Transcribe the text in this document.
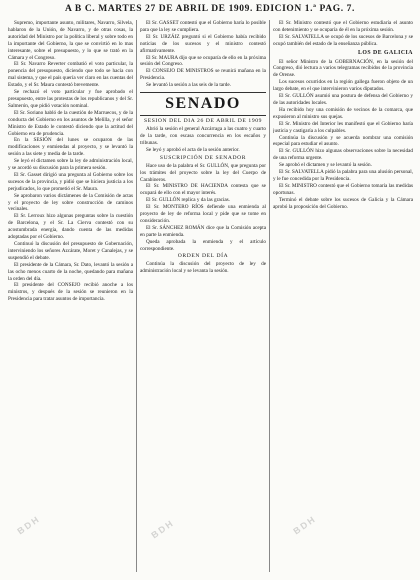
A B C. MARTES 27 DE ABRIL DE 1909. EDICION 1.ª PAG. 7.

Supremo, importante asunto, militares, Navarro, Silvela, hablaron de la Unión, de Navarro, y de otras cosas, la autoridad del Ministro por la política liberal y sobre todo en la importante del Gobierno, la que se convirtió en lo mas interesante, sobre el presupuesto, y lo que se trató en la Cámara y el Congreso.

El Sr. Navarro Reverter combatió el voto particular, la ponencia del presupuesto, diciendo que todo se hacía con mal sistema, y que el país quería ver claro en las cuentas del Estado, y el Sr. Maura contestó brevemente.

Se rechazó el voto particular y fue aprobado el presupuesto, entre las protestas de los republicanos y del Sr. Salmerón, que pidió votación nominal.

El Sr. Soriano habló de la cuestión de Marruecos, y de la conducta del Gobierno en los asuntos de Melilla, y el señor Ministro de Estado le contestó diciendo que la actitud del Gobierno era de prudencia.

En la SESIÓN del lunes se ocuparon de las modificaciones y enmiendas al proyecto, y se levantó la sesión a las siete y media de la tarde.

Se leyó el dictamen sobre la ley de administración local, y se acordó su discusión para la primera sesión.

El Sr. Gasset dirigió una pregunta al Gobierno sobre los sucesos de la provincia, y pidió que se hiciera justicia a los perjudicados, lo que prometió el Sr. Maura.

Se aprobaron varios dictámenes de la Comisión de actas y el proyecto de ley sobre construcción de caminos vecinales.

El Sr. Lerroux hizo algunas preguntas sobre la cuestión de Barcelona, y el Sr. La Cierva contestó con su acostumbrada energía, dando cuenta de las medidas adoptadas por el Gobierno.

Continuó la discusión del presupuesto de Gobernación, interviniendo los señores Azcárate, Moret y Canalejas, y se suspendió el debate.

El presidente de la Cámara, Sr. Dato, levantó la sesión a las ocho menos cuarto de la noche, quedando para mañana la orden del día.

El presidente del CONSEJO recibió anoche a los ministros, y después de la sesión se reunieron en la Presidencia para tratar asuntos de importancia.

El Sr. GASSET contestó que el Gobierno haría lo posible para que la ley se cumpliera.

El Sr. URZÁIZ preguntó si el Gobierno había recibido noticias de los sucesos y el ministro contestó afirmativamente.

El Sr. MAURA dijo que se ocuparía de ello en la próxima sesión del Congreso.

El CONSEJO DE MINISTROS se reunirá mañana en la Presidencia.

Se levantó la sesión a las seis de la tarde.

SENADO
SESION DEL DIA 26 DE ABRIL DE 1909

Abrió la sesión el general Azcárraga a las cuatro y cuarto de la tarde, con escasa concurrencia en los escaños y tribunas.

Se leyó y aprobó el acta de la sesión anterior.

SUSCRIPCIÓN DE SENADOR

Hace uso de la palabra el Sr. GULLÓN, que pregunta por los trámites del proyecto sobre la ley del Cuerpo de Carabineros.

El Sr. MINISTRO DE HACIENDA contesta que se ocupará de ello con el mayor interés.

El Sr. GULLÓN replica y da las gracias.

El Sr. MONTERO RÍOS defiende una enmienda al proyecto de ley de reforma local y pide que se tome en consideración.

El Sr. SÁNCHEZ ROMÁN dice que la Comisión acepta en parte la enmienda.

Queda aprobada la enmienda y el artículo correspondiente.

ORDEN DEL DÍA

Continúa la discusión del proyecto de ley de administración local y se levanta la sesión.

El Sr. Ministro contestó que el Gobierno estudiaría el asunto con detenimiento y se ocuparía de él en la próxima sesión.

El Sr. SALVATELLA se ocupó de los sucesos de Barcelona y se ocupó también del estado de la enseñanza pública.

LOS DE GALICIA

El señor Ministro de la GOBERNACIÓN, en la sesión del Congreso, dió lectura a varios telegramas recibidos de la provincia de Orense.

Los sucesos ocurridos en la región gallega fueron objeto de un largo debate, en el que intervinieron varios diputados.

El Sr. GULLÓN asumió una postura de defensa del Gobierno y de las autoridades locales.

Ha recibido hoy una comisión de vecinos de la comarca, que expusieron al ministro sus quejas.

El Sr. Ministro del Interior les manifestó que el Gobierno haría justicia y castigaría a los culpables.

Continúa la discusión y se acuerda nombrar una comisión especial para estudiar el asunto.

El Sr. GULLÓN hizo algunas observaciones sobre la necesidad de una reforma urgente.

Se aprobó el dictamen y se levantó la sesión.

El Sr. SALVATELLA pidió la palabra para una alusión personal, y le fue concedida por la Presidencia.

El Sr. MINISTRO contestó que el Gobierno tomaría las medidas oportunas.

Terminó el debate sobre los sucesos de Galicia y la Cámara aprobó la proposición del Gobierno.

BDH	BDH	BDH
